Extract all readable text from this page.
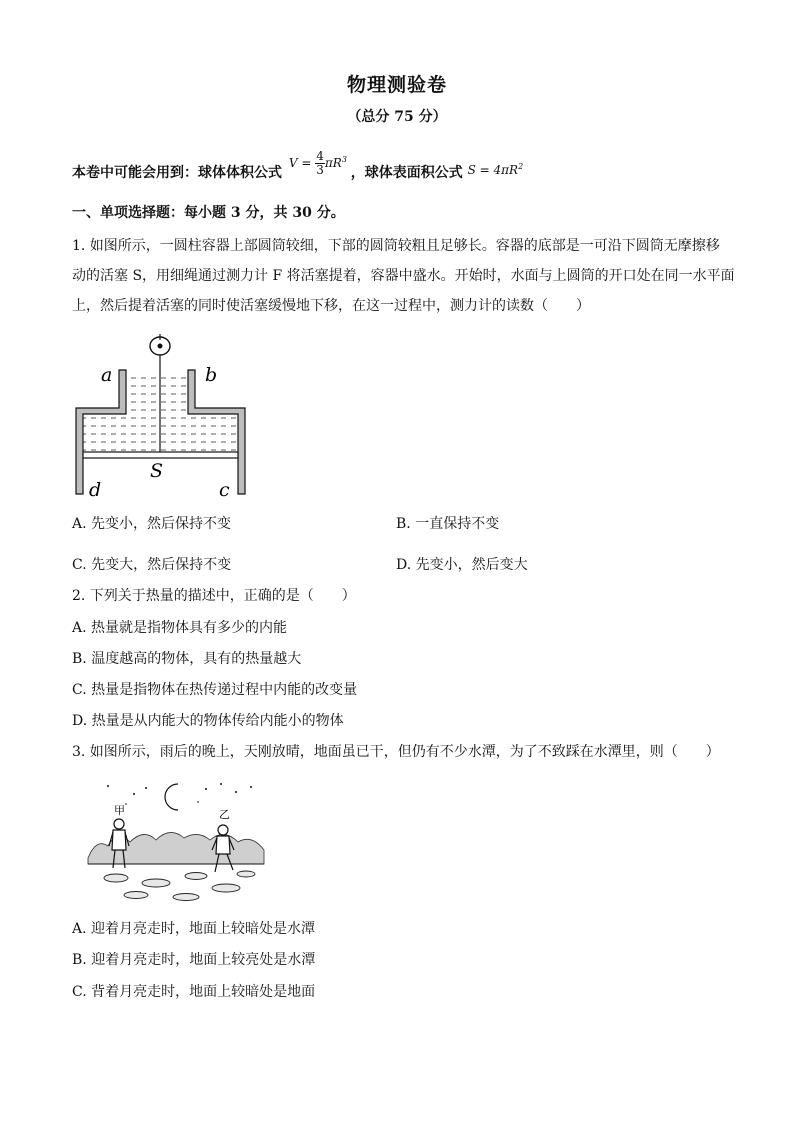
物理测验卷
（总分 75 分）
本卷中可能会用到：球体体积公式 $V = \frac{4}{3} \pi R^3$ ，球体表面积公式 $S = 4\pi R^2$
一、单项选择题：每小题 3 分，共 30 分。
1. 如图所示，一圆柱容器上部圆筒较细，下部的圆筒较粗且足够长。容器的底部是一可沿下圆筒无摩擦移
动的活塞 S，用细绳通过测力计 F 将活塞提着，容器中盛水。开始时，水面与上圆筒的开口处在同一水平面
上，然后提着活塞的同时使活塞缓慢地下移，在这一过程中，测力计的读数（　　）
a	b
S
d	c
A. 先变小，然后保持不变	B. 一直保持不变
C. 先变大，然后保持不变	D. 先变小，然后变大
2. 下列关于热量的描述中，正确的是（　　）
A. 热量就是指物体具有多少的内能
B. 温度越高的物体，具有的热量越大
C. 热量是指物体在热传递过程中内能的改变量
D. 热量是从内能大的物体传给内能小的物体
3. 如图所示，雨后的晚上，天刚放晴，地面虽已干，但仍有不少水潭，为了不致踩在水潭里，则（　　）
甲	乙
A. 迎着月亮走时，地面上较暗处是水潭
B. 迎着月亮走时，地面上较亮处是水潭
C. 背着月亮走时，地面上较暗处是地面
